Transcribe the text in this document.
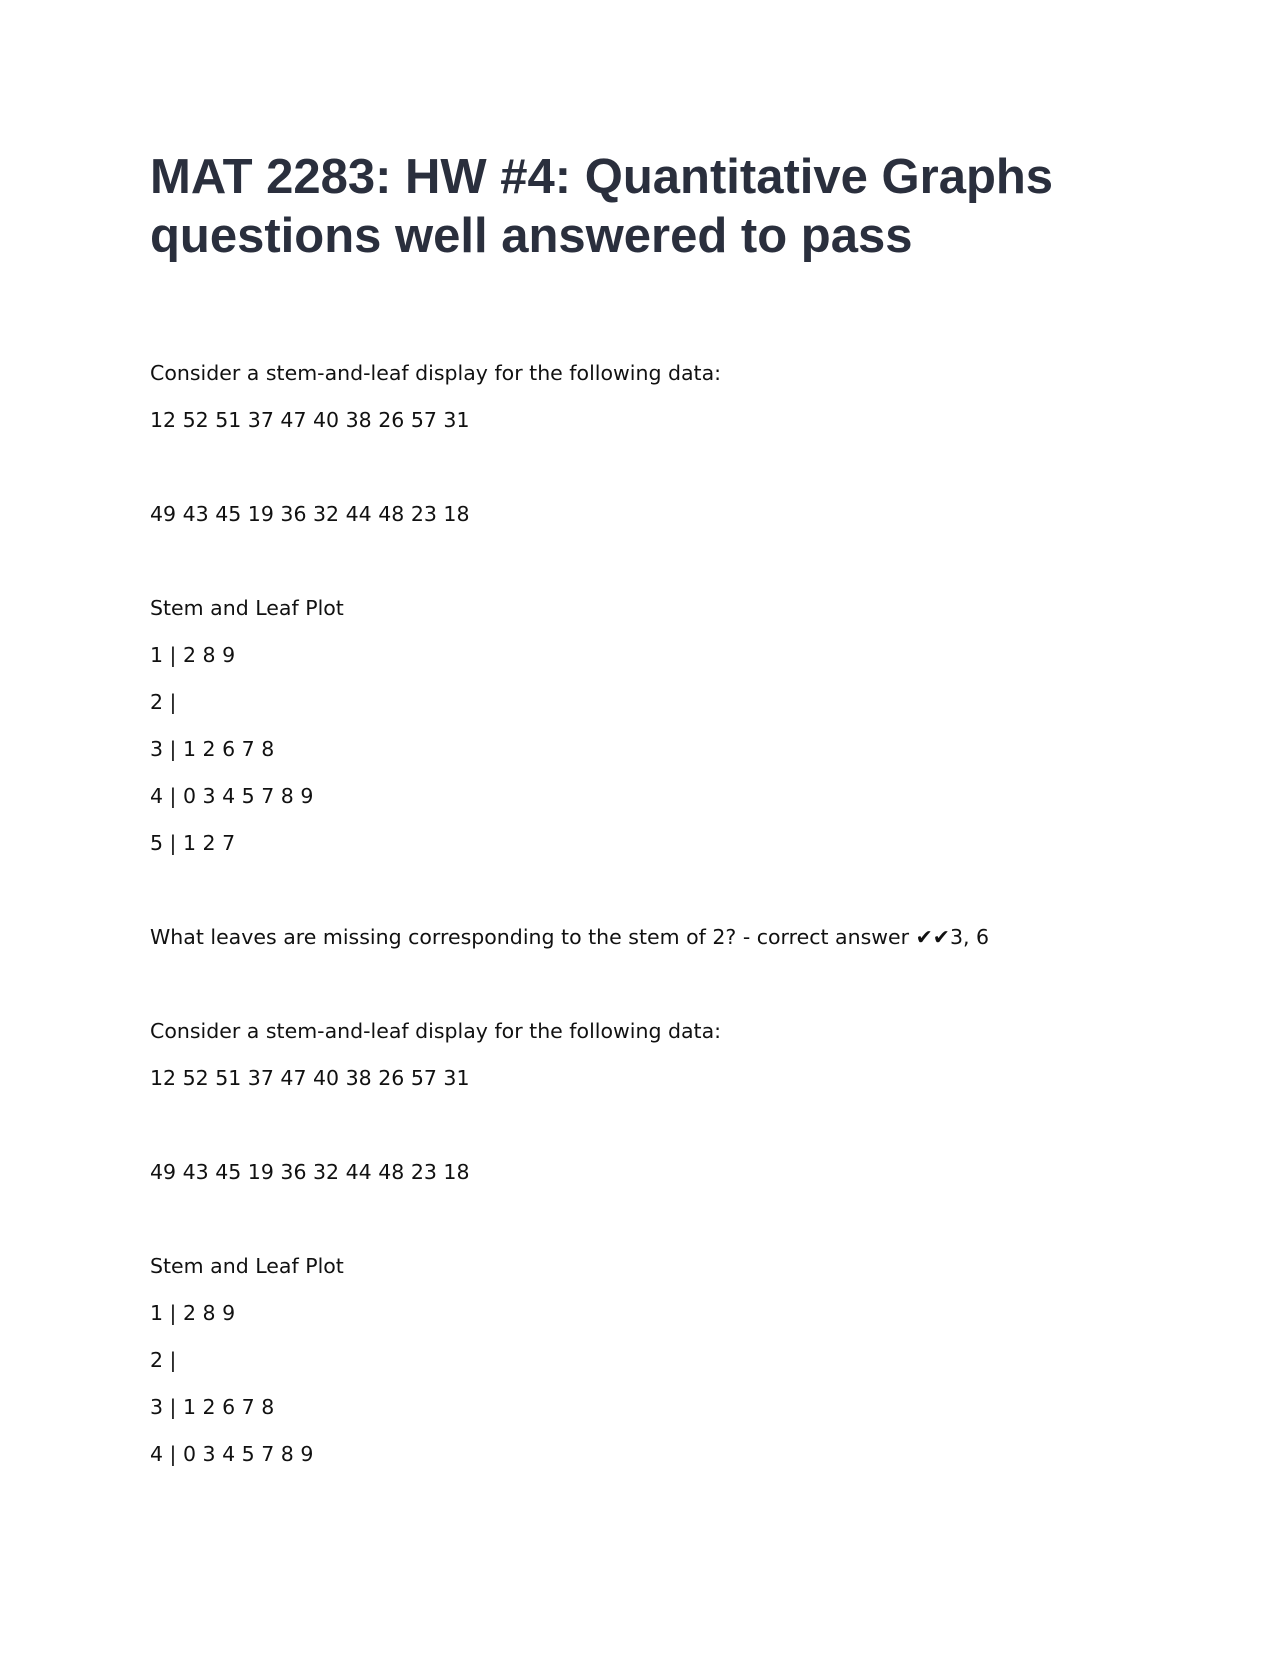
MAT 2283: HW #4: Quantitative Graphs questions well answered to pass

Consider a stem-and-leaf display for the following data:

12 52 51 37 47 40 38 26 57 31

49 43 45 19 36 32 44 48 23 18

Stem and Leaf Plot

1 | 2 8 9

2 |

3 | 1 2 6 7 8

4 | 0 3 4 5 7 8 9

5 | 1 2 7

What leaves are missing corresponding to the stem of 2? - correct answer ✔✔3, 6

Consider a stem-and-leaf display for the following data:

12 52 51 37 47 40 38 26 57 31

49 43 45 19 36 32 44 48 23 18

Stem and Leaf Plot

1 | 2 8 9

2 |

3 | 1 2 6 7 8

4 | 0 3 4 5 7 8 9
